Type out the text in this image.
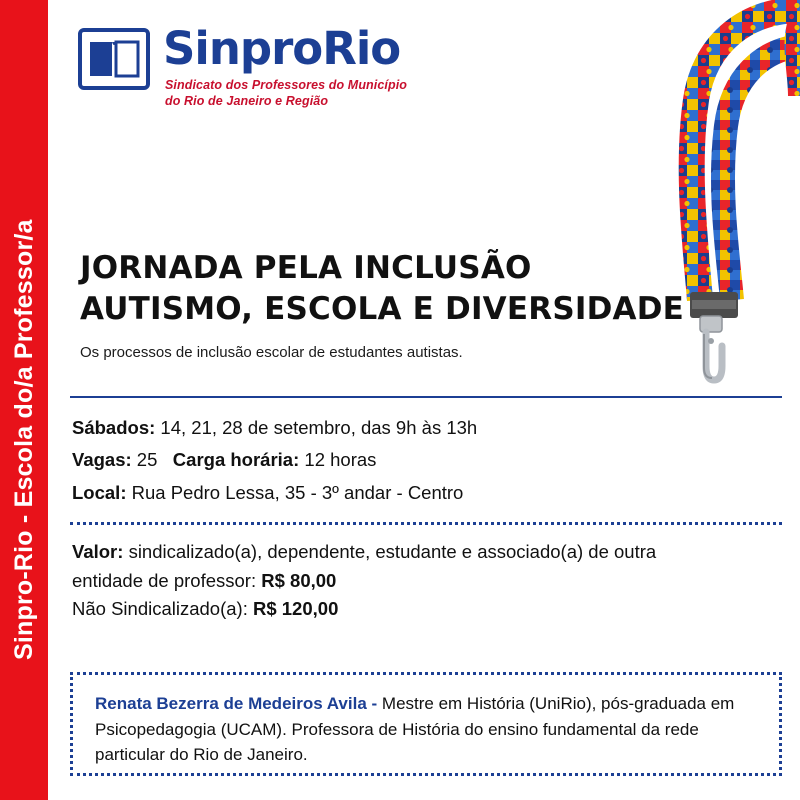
Sinpro-Rio - Escola do/a Professor/a
SinproRio
Sindicato dos Professores do Município
do Rio de Janeiro e Região
JORNADA PELA INCLUSÃO
AUTISMO, ESCOLA E DIVERSIDADE
Os processos de inclusão escolar de estudantes autistas.
Sábados: 14, 21, 28 de setembro, das 9h às 13h
Vagas: 25 Carga horária: 12 horas
Local: Rua Pedro Lessa, 35 - 3º andar - Centro
Valor: sindicalizado(a), dependente, estudante e associado(a) de outra
entidade de professor: R$ 80,00
Não Sindicalizado(a): R$ 120,00
Renata Bezerra de Medeiros Avila - Mestre em História (UniRio), pós-graduada em Psicopedagogia (UCAM). Professora de História do ensino fundamental da rede particular do Rio de Janeiro.
